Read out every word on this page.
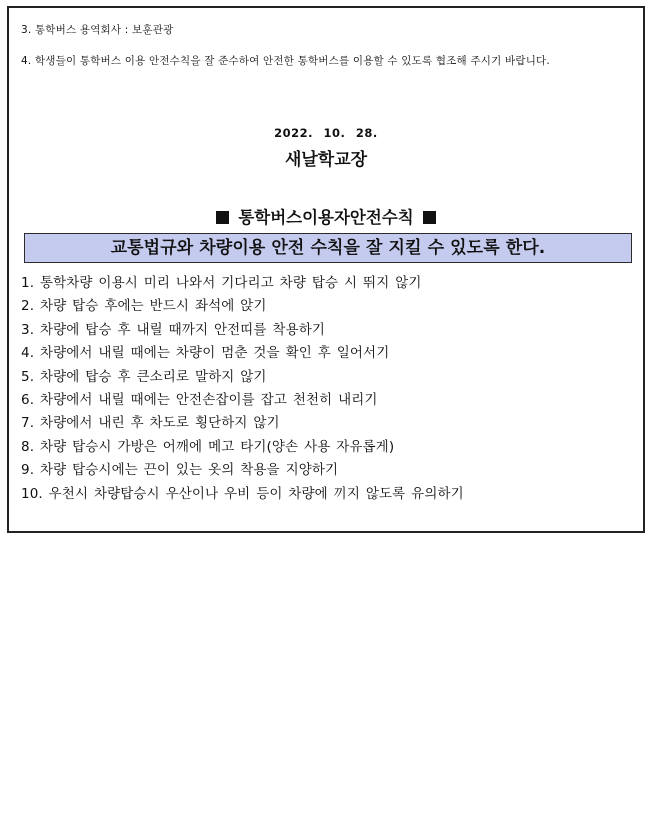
3. 통학버스 용역회사 : 보훈관광
4. 학생들이 통학버스 이용 안전수칙을 잘 준수하여 안전한 통학버스를 이용할 수 있도록 협조해 주시기 바랍니다.
2022. 10. 28.
새날학교장
통학버스이용자안전수칙
교통법규와 차량이용 안전 수칙을 잘 지킬 수 있도록 한다.
1. 통학차량 이용시 미리 나와서 기다리고 차량 탑승 시 뛰지 않기
2. 차량 탑승 후에는 반드시 좌석에 앉기
3. 차량에 탑승 후 내릴 때까지 안전띠를 착용하기
4. 차량에서 내릴 때에는 차량이 멈춘 것을 확인 후 일어서기
5. 차량에 탑승 후 큰소리로 말하지 않기
6. 차량에서 내릴 때에는 안전손잡이를 잡고 천천히 내리기
7. 차량에서 내린 후 차도로 횡단하지 않기
8. 차량 탑승시 가방은 어깨에 메고 타기(양손 사용 자유롭게)
9. 차량 탑승시에는 끈이 있는 옷의 착용을 지양하기
10. 우천시 차량탑승시 우산이나 우비 등이 차량에 끼지 않도록 유의하기
